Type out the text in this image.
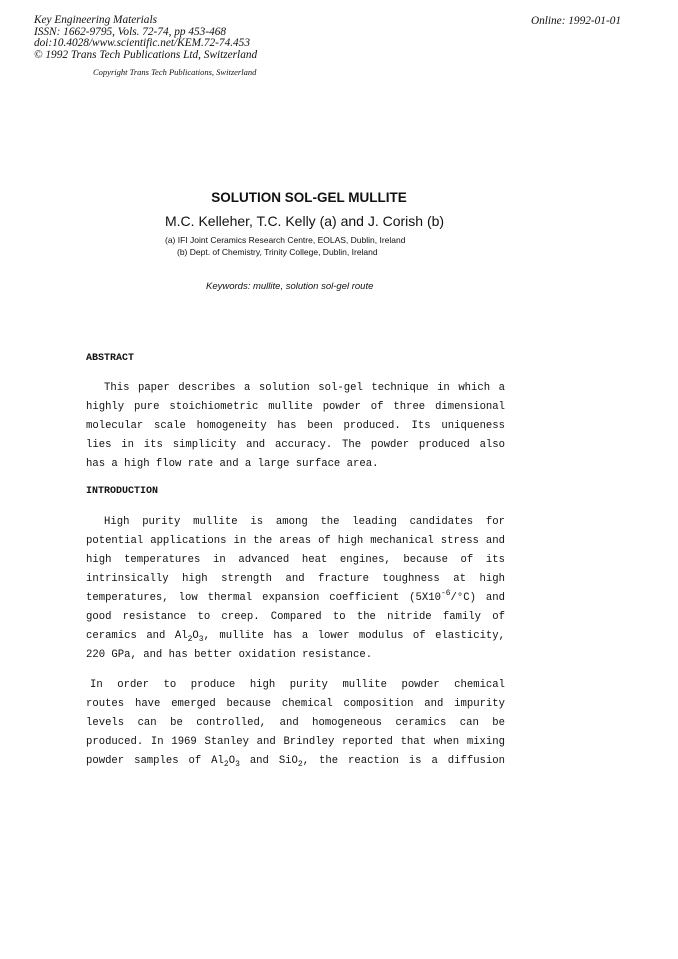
Key Engineering Materials
ISSN: 1662-9795, Vols. 72-74, pp 453-468
doi:10.4028/www.scientific.net/KEM.72-74.453
© 1992 Trans Tech Publications Ltd, Switzerland
Online: 1992-01-01
Copyright Trans Tech Publications, Switzerland
SOLUTION SOL-GEL MULLITE
M.C. Kelleher, T.C. Kelly (a) and J. Corish (b)
(a) IFI Joint Ceramics Research Centre, EOLAS, Dublin, Ireland
(b) Dept. of Chemistry, Trinity College, Dublin, Ireland
Keywords: mullite, solution sol-gel route
ABSTRACT
This paper describes a solution sol-gel technique in which a
highly pure stoichiometric mullite powder of three dimensional
molecular scale homogeneity has been produced. Its uniqueness
lies in its simplicity and accuracy. The powder produced also
has a high flow rate and a large surface area.
INTRODUCTION
High purity mullite is among the leading candidates for
potential applications in the areas of high mechanical stress and
high temperatures in advanced heat engines, because of its
intrinsically high strength and fracture toughness at high
temperatures, low thermal expansion coefficient $(5X10^{-6}/^\circ C)$ and
good resistance to creep. Compared to the nitride family of
ceramics and $Al_2O_3$, mullite has a lower modulus of elasticity,
220 GPa, and has better oxidation resistance.
In order to produce high purity mullite powder chemical
routes have emerged because chemical composition and impurity
levels can be controlled, and homogeneous ceramics can be
produced. In 1969 Stanley and Brindley reported that when mixing
powder samples of $Al_2O_3$ and SiO$_2$, the reaction is a diffusion
